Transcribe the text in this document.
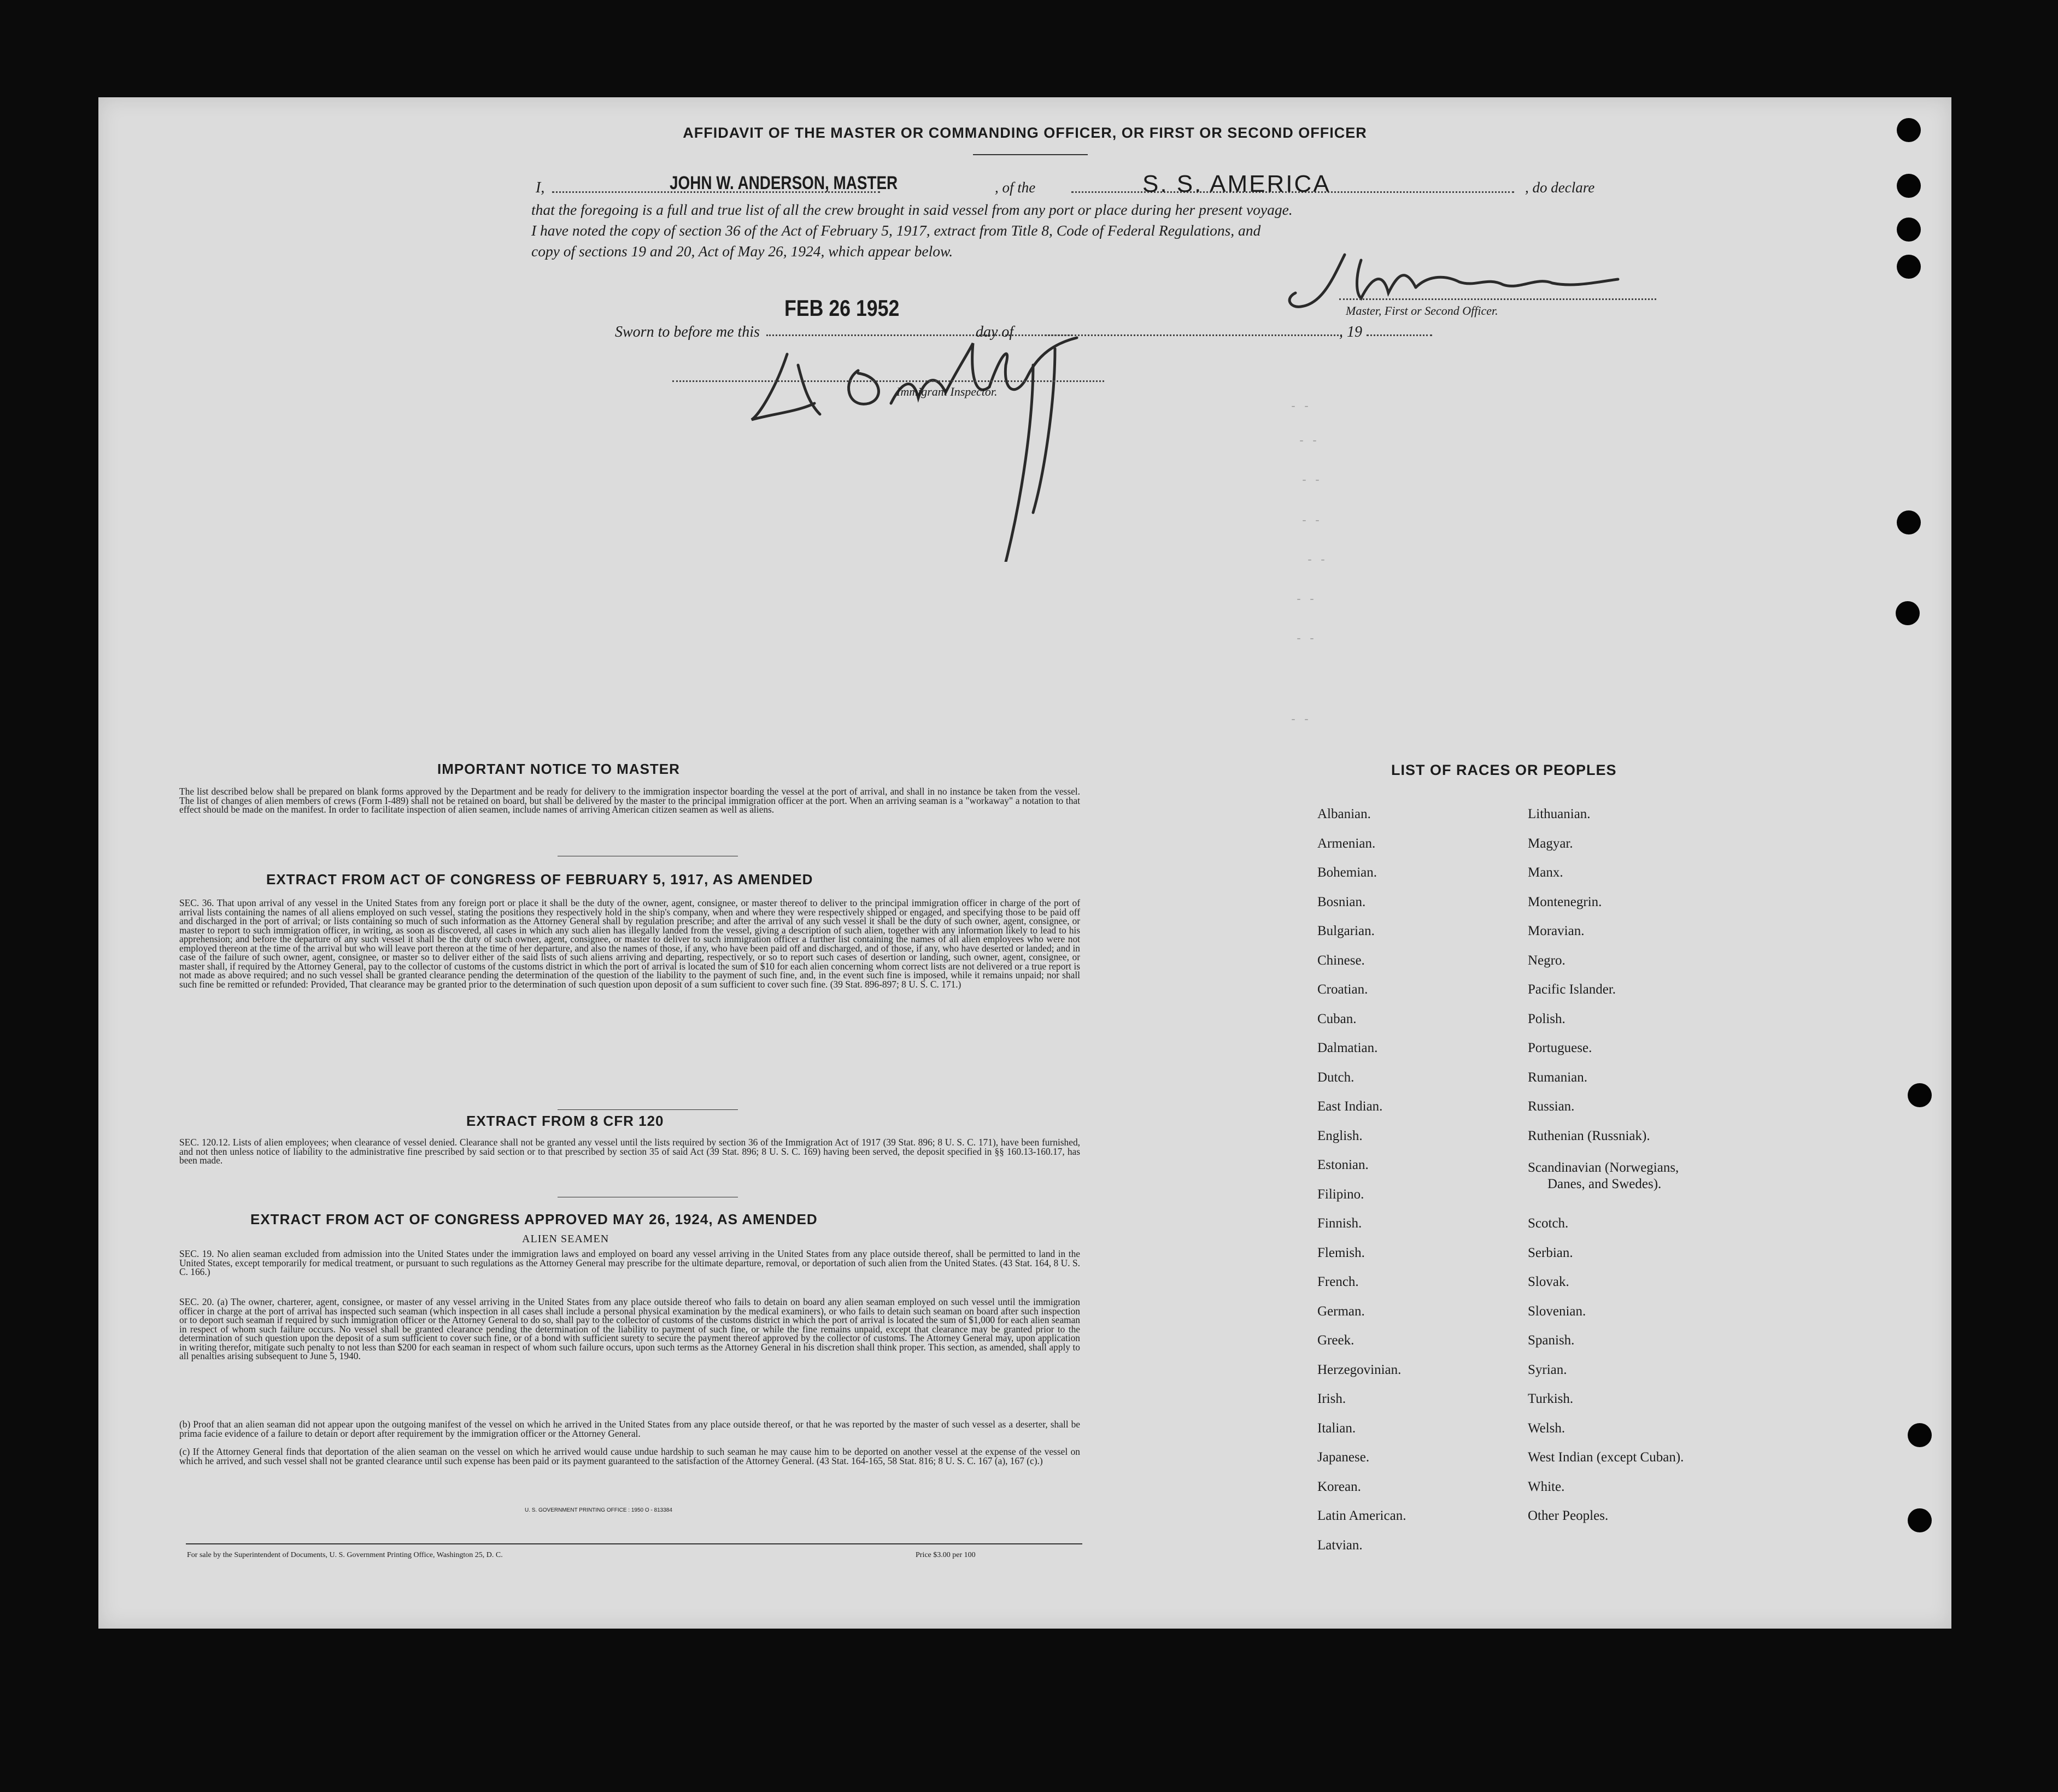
AFFIDAVIT OF THE MASTER OR COMMANDING OFFICER, OR FIRST OR SECOND OFFICER
I,	JOHN W. ANDERSON, MASTER	, of the	S. S. AMERICA	, do declare
that the foregoing is a full and true list of all the crew brought in said vessel from any port or place during her present voyage.
I have noted the copy of section 36 of the Act of February 5, 1917, extract from Title 8, Code of Federal Regulations, and
copy of sections 19 and 20, Act of May 26, 1924, which appear below.
Master, First or Second Officer.
FEB 26 1952
Sworn to before me this	day of	, 19
Immigrant Inspector.
- -
- -
- -
- -
- -
- -
- -
- -
IMPORTANT NOTICE TO MASTER
The list described below shall be prepared on blank forms approved by the Department and be ready for delivery to the immigration inspector boarding the vessel at the port of arrival, and shall in no instance be taken from the vessel. The list of changes of alien members of crews (Form I-489) shall not be retained on board, but shall be delivered by the master to the principal immigration officer at the port. When an arriving seaman is a "workaway" a notation to that effect should be made on the manifest. In order to facilitate inspection of alien seamen, include names of arriving American citizen seamen as well as aliens.
EXTRACT FROM ACT OF CONGRESS OF FEBRUARY 5, 1917, AS AMENDED
SEC. 36. That upon arrival of any vessel in the United States from any foreign port or place it shall be the duty of the owner, agent, consignee, or master thereof to deliver to the principal immigration officer in charge of the port of arrival lists containing the names of all aliens employed on such vessel, stating the positions they respectively hold in the ship's company, when and where they were respectively shipped or engaged, and specifying those to be paid off and discharged in the port of arrival; or lists containing so much of such information as the Attorney General shall by regulation prescribe; and after the arrival of any such vessel it shall be the duty of such owner, agent, consignee, or master to report to such immigration officer, in writing, as soon as discovered, all cases in which any such alien has illegally landed from the vessel, giving a description of such alien, together with any information likely to lead to his apprehension; and before the departure of any such vessel it shall be the duty of such owner, agent, consignee, or master to deliver to such immigration officer a further list containing the names of all alien employees who were not employed thereon at the time of the arrival but who will leave port thereon at the time of her departure, and also the names of those, if any, who have been paid off and discharged, and of those, if any, who have deserted or landed; and in case of the failure of such owner, agent, consignee, or master so to deliver either of the said lists of such aliens arriving and departing, respectively, or so to report such cases of desertion or landing, such owner, agent, consignee, or master shall, if required by the Attorney General, pay to the collector of customs of the customs district in which the port of arrival is located the sum of $10 for each alien concerning whom correct lists are not delivered or a true report is not made as above required; and no such vessel shall be granted clearance pending the determination of the question of the liability to the payment of such fine, and, in the event such fine is imposed, while it remains unpaid; nor shall such fine be remitted or refunded: Provided, That clearance may be granted prior to the determination of such question upon deposit of a sum sufficient to cover such fine. (39 Stat. 896-897; 8 U. S. C. 171.)
EXTRACT FROM 8 CFR 120
SEC. 120.12. Lists of alien employees; when clearance of vessel denied. Clearance shall not be granted any vessel until the lists required by section 36 of the Immigration Act of 1917 (39 Stat. 896; 8 U. S. C. 171), have been furnished, and not then unless notice of liability to the administrative fine prescribed by said section or to that prescribed by section 35 of said Act (39 Stat. 896; 8 U. S. C. 169) having been served, the deposit specified in §§ 160.13-160.17, has been made.
EXTRACT FROM ACT OF CONGRESS APPROVED MAY 26, 1924, AS AMENDED
ALIEN SEAMEN
SEC. 19. No alien seaman excluded from admission into the United States under the immigration laws and employed on board any vessel arriving in the United States from any place outside thereof, shall be permitted to land in the United States, except temporarily for medical treatment, or pursuant to such regulations as the Attorney General may prescribe for the ultimate departure, removal, or deportation of such alien from the United States. (43 Stat. 164, 8 U. S. C. 166.)
SEC. 20. (a) The owner, charterer, agent, consignee, or master of any vessel arriving in the United States from any place outside thereof who fails to detain on board any alien seaman employed on such vessel until the immigration officer in charge at the port of arrival has inspected such seaman (which inspection in all cases shall include a personal physical examination by the medical examiners), or who fails to detain such seaman on board after such inspection or to deport such seaman if required by such immigration officer or the Attorney General to do so, shall pay to the collector of customs of the customs district in which the port of arrival is located the sum of $1,000 for each alien seaman in respect of whom such failure occurs. No vessel shall be granted clearance pending the determination of the liability to payment of such fine, or while the fine remains unpaid, except that clearance may be granted prior to the determination of such question upon the deposit of a sum sufficient to cover such fine, or of a bond with sufficient surety to secure the payment thereof approved by the collector of customs. The Attorney General may, upon application in writing therefor, mitigate such penalty to not less than $200 for each seaman in respect of whom such failure occurs, upon such terms as the Attorney General in his discretion shall think proper. This section, as amended, shall apply to all penalties arising subsequent to June 5, 1940.
(b) Proof that an alien seaman did not appear upon the outgoing manifest of the vessel on which he arrived in the United States from any place outside thereof, or that he was reported by the master of such vessel as a deserter, shall be prima facie evidence of a failure to detain or deport after requirement by the immigration officer or the Attorney General.
(c) If the Attorney General finds that deportation of the alien seaman on the vessel on which he arrived would cause undue hardship to such seaman he may cause him to be deported on another vessel at the expense of the vessel on which he arrived, and such vessel shall not be granted clearance until such expense has been paid or its payment guaranteed to the satisfaction of the Attorney General. (43 Stat. 164-165, 58 Stat. 816; 8 U. S. C. 167 (a), 167 (c).)
U. S. GOVERNMENT PRINTING OFFICE : 1950 O - 813384
For sale by the Superintendent of Documents, U. S. Government Printing Office, Washington 25, D. C.	Price $3.00 per 100
LIST OF RACES OR PEOPLES
Albanian.
Armenian.
Bohemian.
Bosnian.
Bulgarian.
Chinese.
Croatian.
Cuban.
Dalmatian.
Dutch.
East Indian.
English.
Estonian.
Filipino.
Finnish.
Flemish.
French.
German.
Greek.
Herzegovinian.
Irish.
Italian.
Japanese.
Korean.
Latin American.
Latvian.
Lithuanian.
Magyar.
Manx.
Montenegrin.
Moravian.
Negro.
Pacific Islander.
Polish.
Portuguese.
Rumanian.
Russian.
Ruthenian (Russniak).
Scandinavian (Norwegians,
Danes, and Swedes).
Scotch.
Serbian.
Slovak.
Slovenian.
Spanish.
Syrian.
Turkish.
Welsh.
West Indian (except Cuban).
White.
Other Peoples.
